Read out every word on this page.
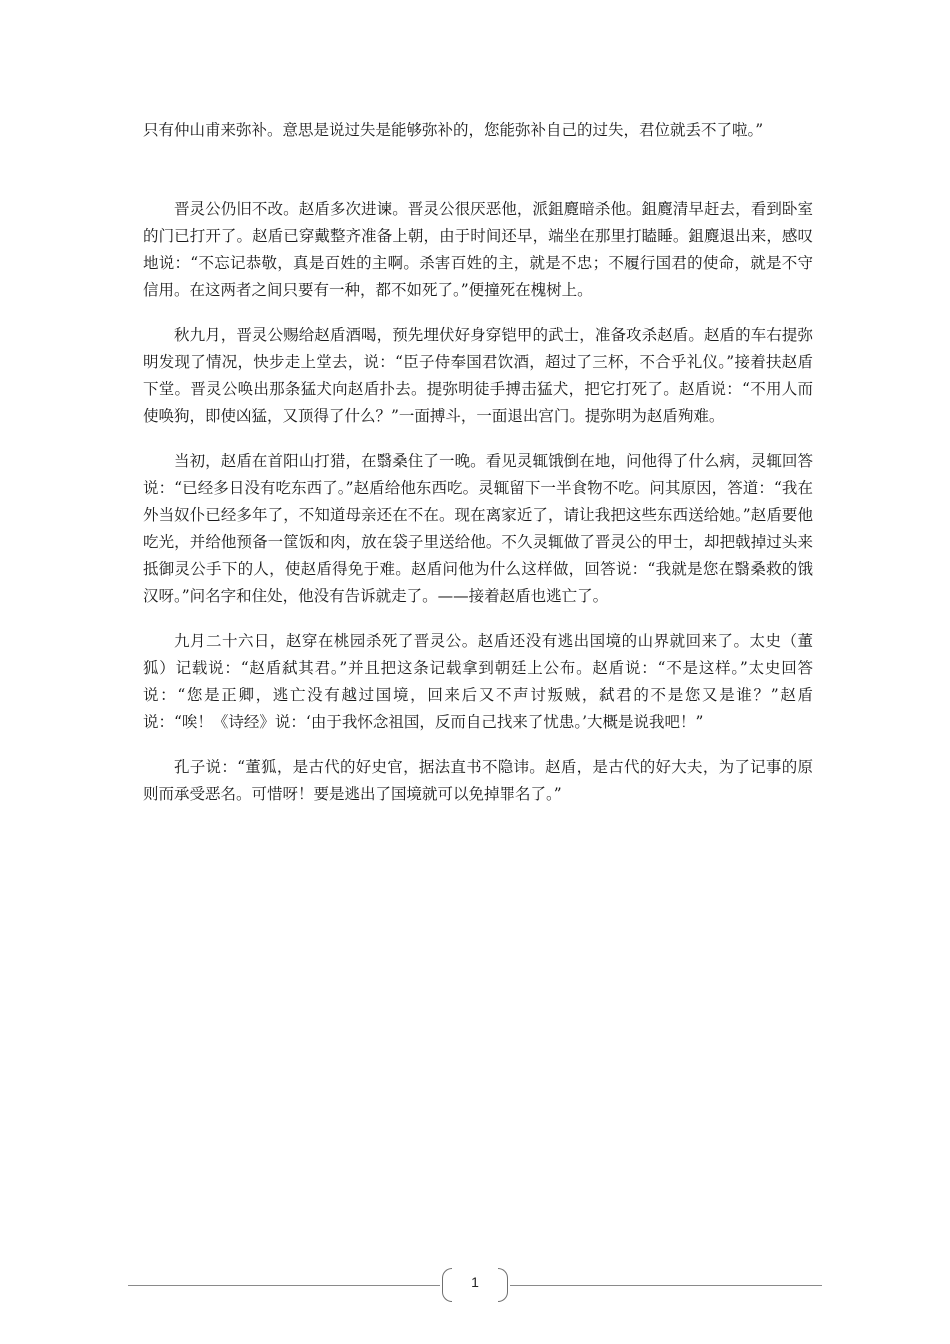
只有仲山甫来弥补。意思是说过失是能够弥补的，您能弥补自己的过失，君位就丢不了啦。”

晋灵公仍旧不改。赵盾多次进谏。晋灵公很厌恶他，派鉏麑暗杀他。鉏麑清早赶去，看到卧室的门已打开了。赵盾已穿戴整齐准备上朝，由于时间还早，端坐在那里打瞌睡。鉏麑退出来，感叹地说：“不忘记恭敬，真是百姓的主啊。杀害百姓的主，就是不忠；不履行国君的使命，就是不守信用。在这两者之间只要有一种，都不如死了。”便撞死在槐树上。

秋九月，晋灵公赐给赵盾酒喝，预先埋伏好身穿铠甲的武士，准备攻杀赵盾。赵盾的车右提弥明发现了情况，快步走上堂去，说：“臣子侍奉国君饮酒，超过了三杯，不合乎礼仪。”接着扶赵盾下堂。晋灵公唤出那条猛犬向赵盾扑去。提弥明徒手搏击猛犬，把它打死了。赵盾说：“不用人而使唤狗，即使凶猛，又顶得了什么？”一面搏斗，一面退出宫门。提弥明为赵盾殉难。

当初，赵盾在首阳山打猎，在翳桑住了一晚。看见灵辄饿倒在地，问他得了什么病，灵辄回答说：“已经多日没有吃东西了。”赵盾给他东西吃。灵辄留下一半食物不吃。问其原因，答道：“我在外当奴仆已经多年了，不知道母亲还在不在。现在离家近了，请让我把这些东西送给她。”赵盾要他吃光，并给他预备一筐饭和肉，放在袋子里送给他。不久灵辄做了晋灵公的甲士，却把戟掉过头来抵御灵公手下的人，使赵盾得免于难。赵盾问他为什么这样做，回答说：“我就是您在翳桑救的饿汉呀。”问名字和住处，他没有告诉就走了。——接着赵盾也逃亡了。

九月二十六日，赵穿在桃园杀死了晋灵公。赵盾还没有逃出国境的山界就回来了。太史（董狐）记载说：“赵盾弑其君。”并且把这条记载拿到朝廷上公布。赵盾说：“不是这样。”太史回答说：“您是正卿，逃亡没有越过国境，回来后又不声讨叛贼，弑君的不是您又是谁？”赵盾说：“唉！《诗经》说：‘由于我怀念祖国，反而自己找来了忧患。’大概是说我吧！”

孔子说：“董狐，是古代的好史官，据法直书不隐讳。赵盾，是古代的好大夫，为了记事的原则而承受恶名。可惜呀！要是逃出了国境就可以免掉罪名了。”

1
